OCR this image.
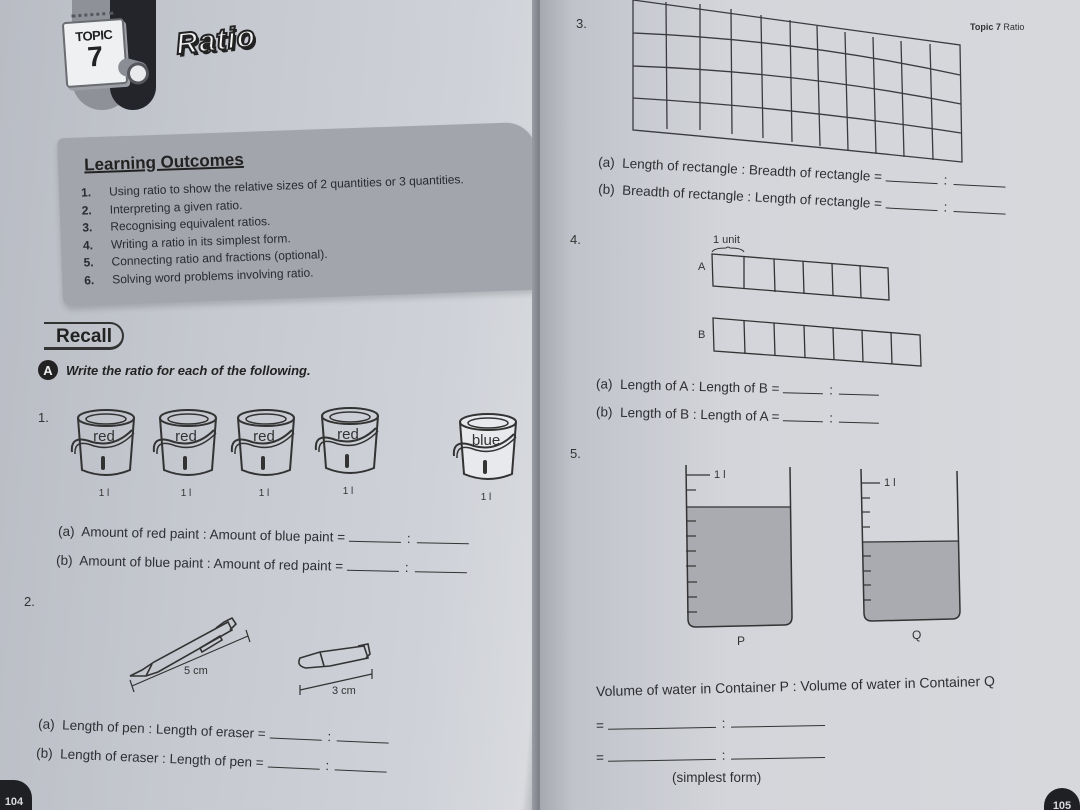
TOPIC
7	Ratio
Learning Outcomes
1.	Using ratio to show the relative sizes of 2 quantities or 3 quantities.
2.	Interpreting a given ratio.
3.	Recognising equivalent ratios.
4.	Writing a ratio in its simplest form.
5.	Connecting ratio and fractions (optional).
6.	Solving word problems involving ratio.
Recall
A	Write the ratio for each of the following.
1.
red
1 l
red
1 l
red
1 l
red
1 l
blue
1 l
(a) Amount of red paint : Amount of blue paint =	:
(b) Amount of blue paint : Amount of red paint =	:
2.
5 cm
3 cm
(a) Length of pen : Length of eraser =	:
(b) Length of eraser : Length of pen =	:
104
Topic 7 Ratio
3.
(a) Length of rectangle : Breadth of rectangle =	:
(b) Breadth of rectangle : Length of rectangle =	:
4.	1 unit
A
B
(a) Length of A : Length of B =	:
(b) Length of B : Length of A =	:
5.
1 l
1 l
P	Q
Volume of water in Container P : Volume of water in Container Q
=	:
=	:
(simplest form)
105
